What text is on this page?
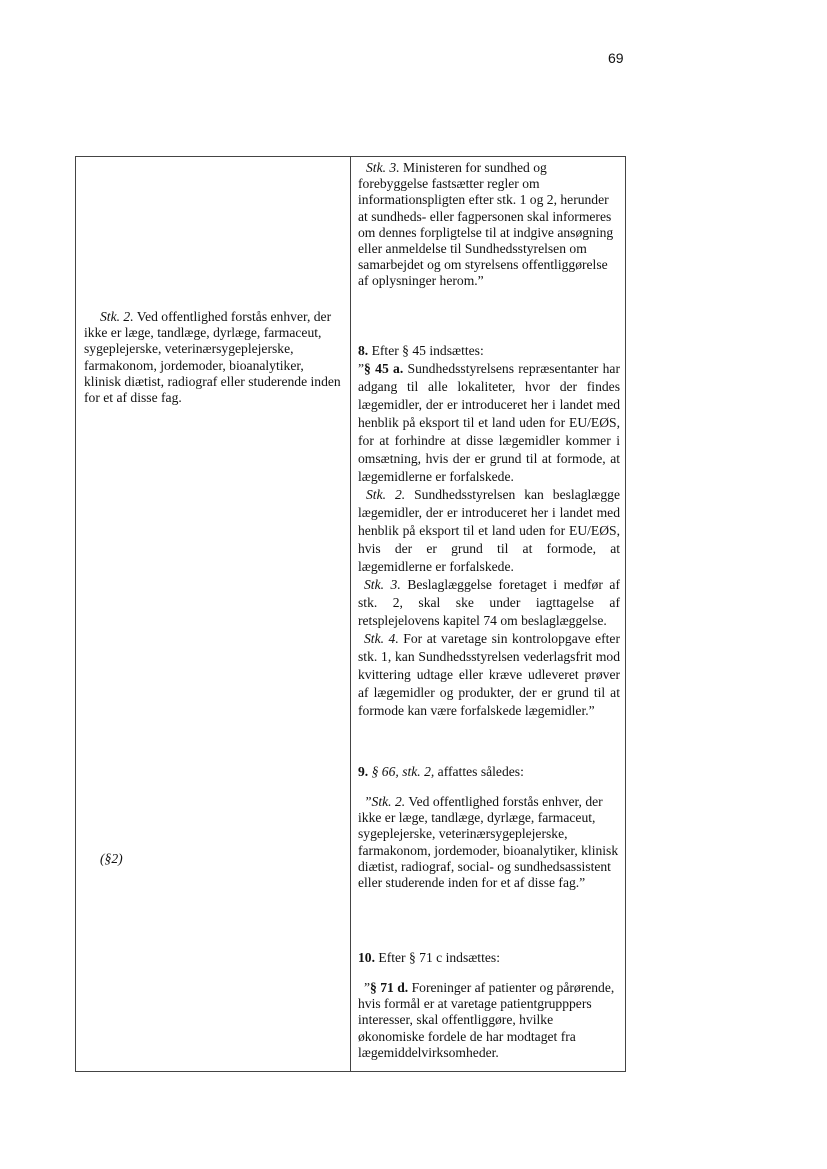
69
Stk. 2. Ved offentlighed forstås enhver, der ikke er læge, tandlæge, dyrlæge, farmaceut, sygeplejerske, veterinærsygeplejerske, farmakonom, jordemoder, bioanalytiker, klinisk diætist, radiograf eller studerende inden for et af disse fag.
(§2)
Stk. 3. Ministeren for sundhed og forebyggelse fastsætter regler om informationspligten efter stk. 1 og 2, herunder at sundheds- eller fagpersonen skal informeres om dennes forpligtelse til at indgive ansøgning eller anmeldelse til Sundhedsstyrelsen om samarbejdet og om styrelsens offentliggørelse af oplysninger herom.”
8. Efter § 45 indsættes:
”§ 45 a. Sundhedsstyrelsens repræsentanter har adgang til alle lokaliteter, hvor der findes lægemidler, der er introduceret her i landet med henblik på eksport til et land uden for EU/EØS, for at forhindre at disse lægemidler kommer i omsætning, hvis der er grund til at formode, at lægemidlerne er forfalskede.
Stk. 2. Sundhedsstyrelsen kan beslaglægge lægemidler, der er introduceret her i landet med henblik på eksport til et land uden for EU/EØS, hvis der er grund til at formode, at lægemidlerne er forfalskede.
Stk. 3. Beslaglæggelse foretaget i medfør af stk. 2, skal ske under iagttagelse af retsplejelovens kapitel 74 om beslaglæggelse.
Stk. 4. For at varetage sin kontrolopgave efter stk. 1, kan Sundhedsstyrelsen vederlagsfrit mod kvittering udtage eller kræve udleveret prøver af lægemidler og produkter, der er grund til at formode kan være forfalskede lægemidler.”
9. § 66, stk. 2, affattes således:
”Stk. 2. Ved offentlighed forstås enhver, der ikke er læge, tandlæge, dyrlæge, farmaceut, sygeplejerske, veterinærsygeplejerske, farmakonom, jordemoder, bioanalytiker, klinisk diætist, radiograf, social- og sundhedsassistent eller studerende inden for et af disse fag.”
10. Efter § 71 c indsættes:
”§ 71 d. Foreninger af patienter og pårørende, hvis formål er at varetage patientgrupppers interesser, skal offentliggøre, hvilke økonomiske fordele de har modtaget fra lægemiddelvirksomheder.
